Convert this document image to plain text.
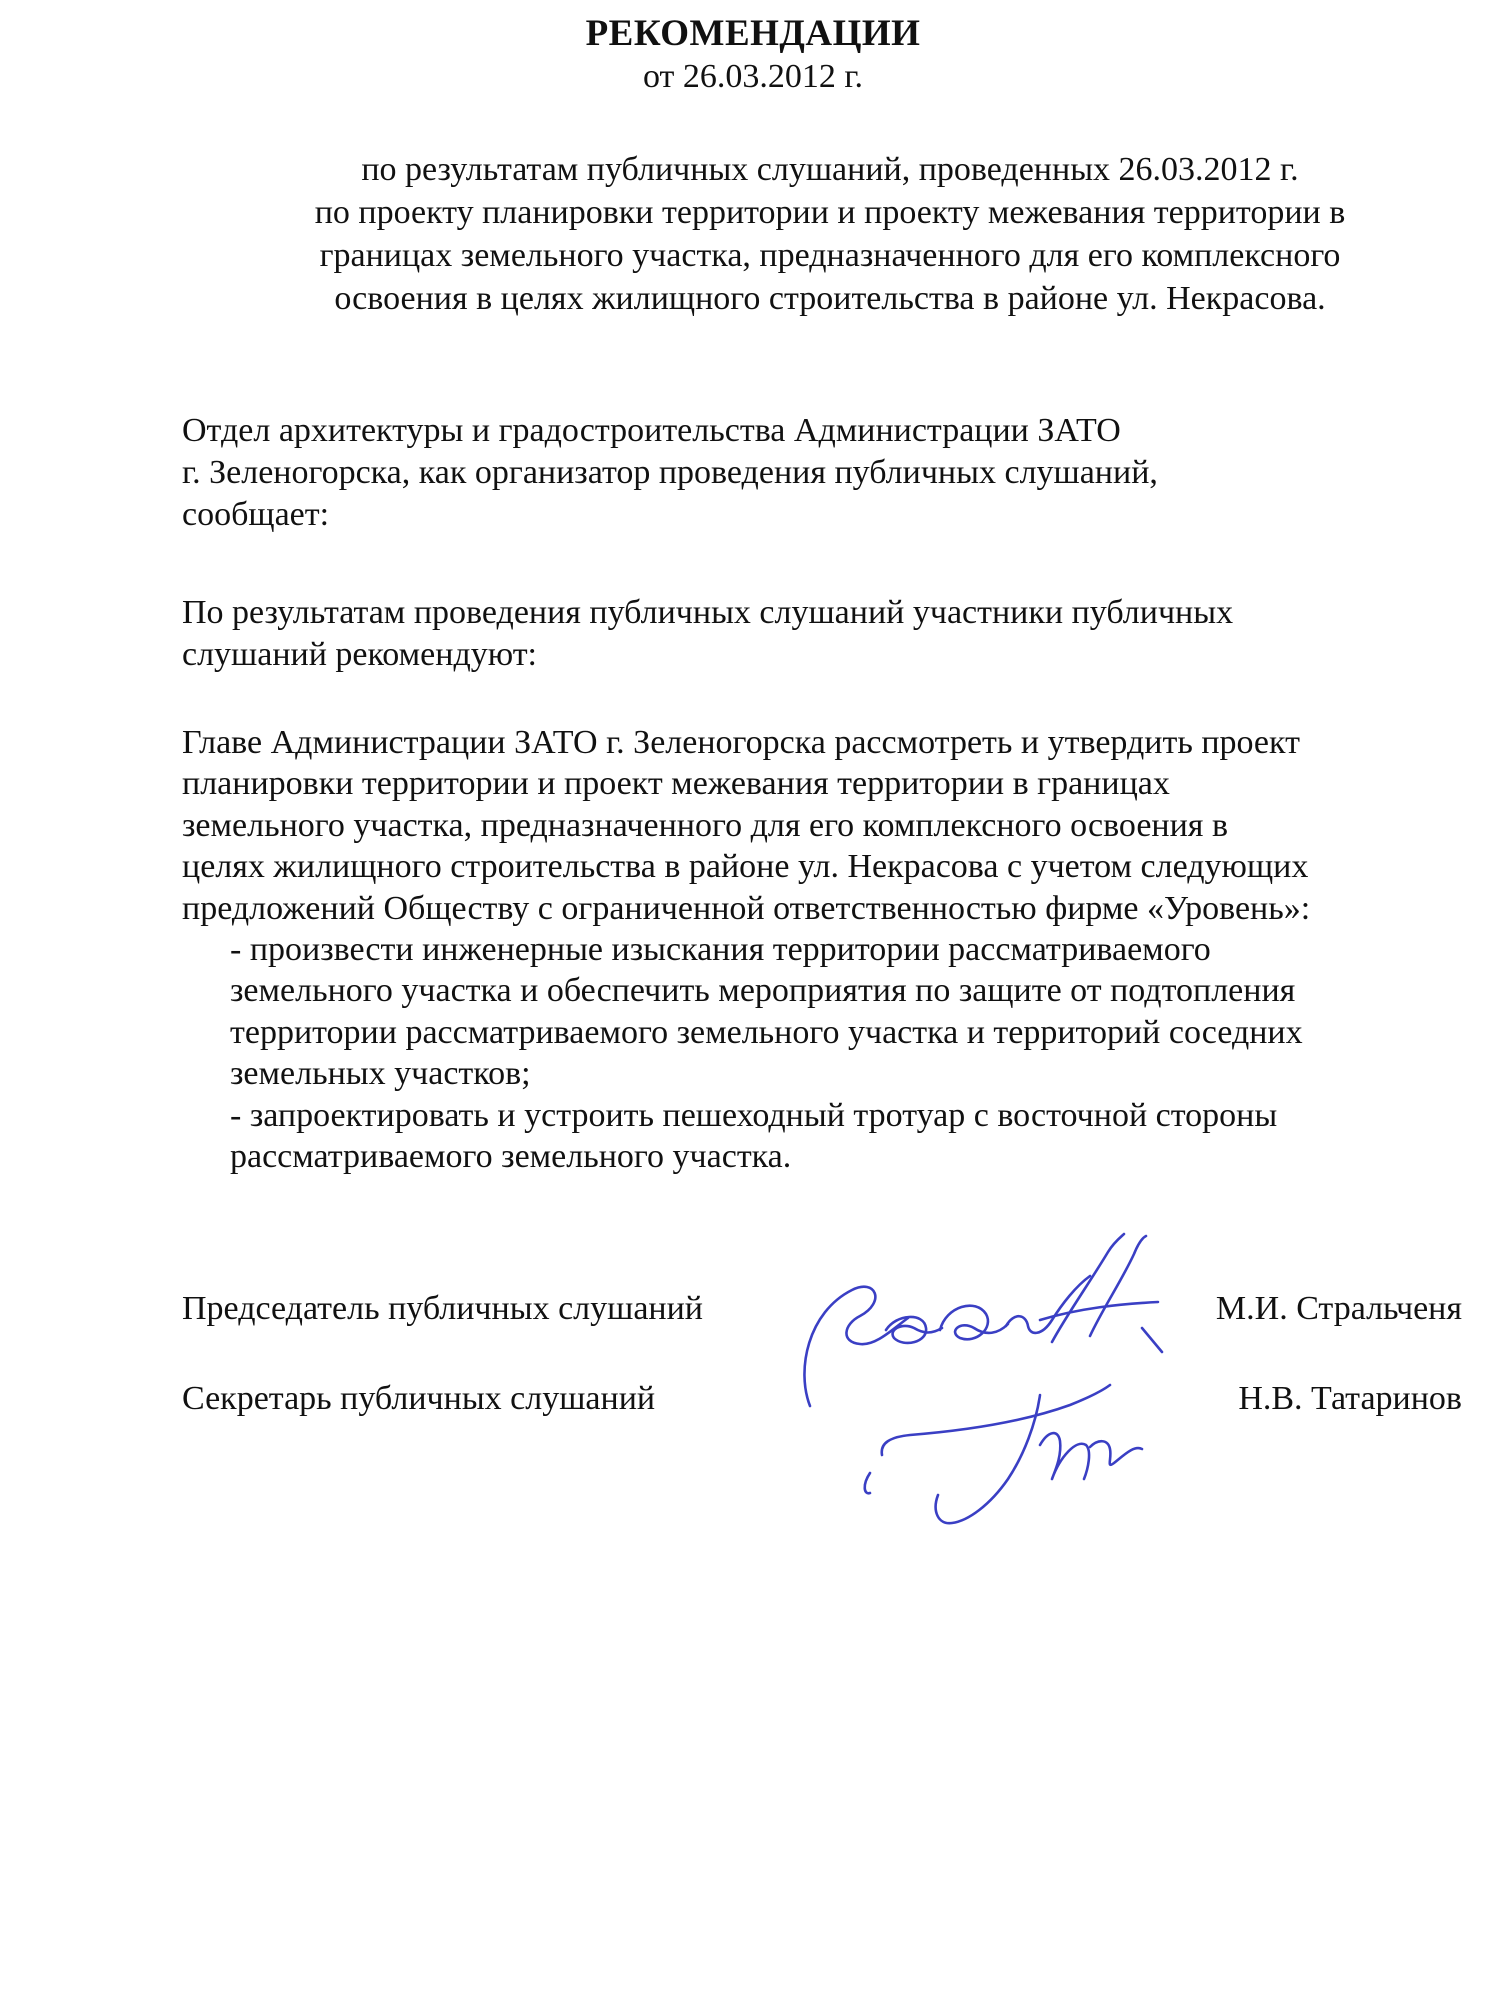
РЕКОМЕНДАЦИИ
от 26.03.2012 г.
по результатам публичных слушаний, проведенных 26.03.2012 г.
по проекту планировки территории и проекту межевания территории в
границах земельного участка, предназначенного для его комплексного
освоения в целях жилищного строительства в районе ул. Некрасова.
Отдел архитектуры и градостроительства Администрации ЗАТО
г. Зеленогорска, как организатор проведения публичных слушаний,
сообщает:
По результатам проведения публичных слушаний участники публичных
слушаний рекомендуют:
Главе Администрации ЗАТО г. Зеленогорска рассмотреть и утвердить проект
планировки территории и проект межевания территории в границах
земельного участка, предназначенного для его комплексного освоения в
целях жилищного строительства в районе ул. Некрасова с учетом следующих
предложений Обществу с ограниченной ответственностью фирме «Уровень»:
- произвести инженерные изыскания территории рассматриваемого
земельного участка и обеспечить мероприятия по защите от подтопления
территории рассматриваемого земельного участка и территорий соседних
земельных участков;
- запроектировать и устроить пешеходный тротуар с восточной стороны
рассматриваемого земельного участка.
Председатель публичных слушаний	М.И. Стральченя
Секретарь публичных слушаний	Н.В. Татаринов
